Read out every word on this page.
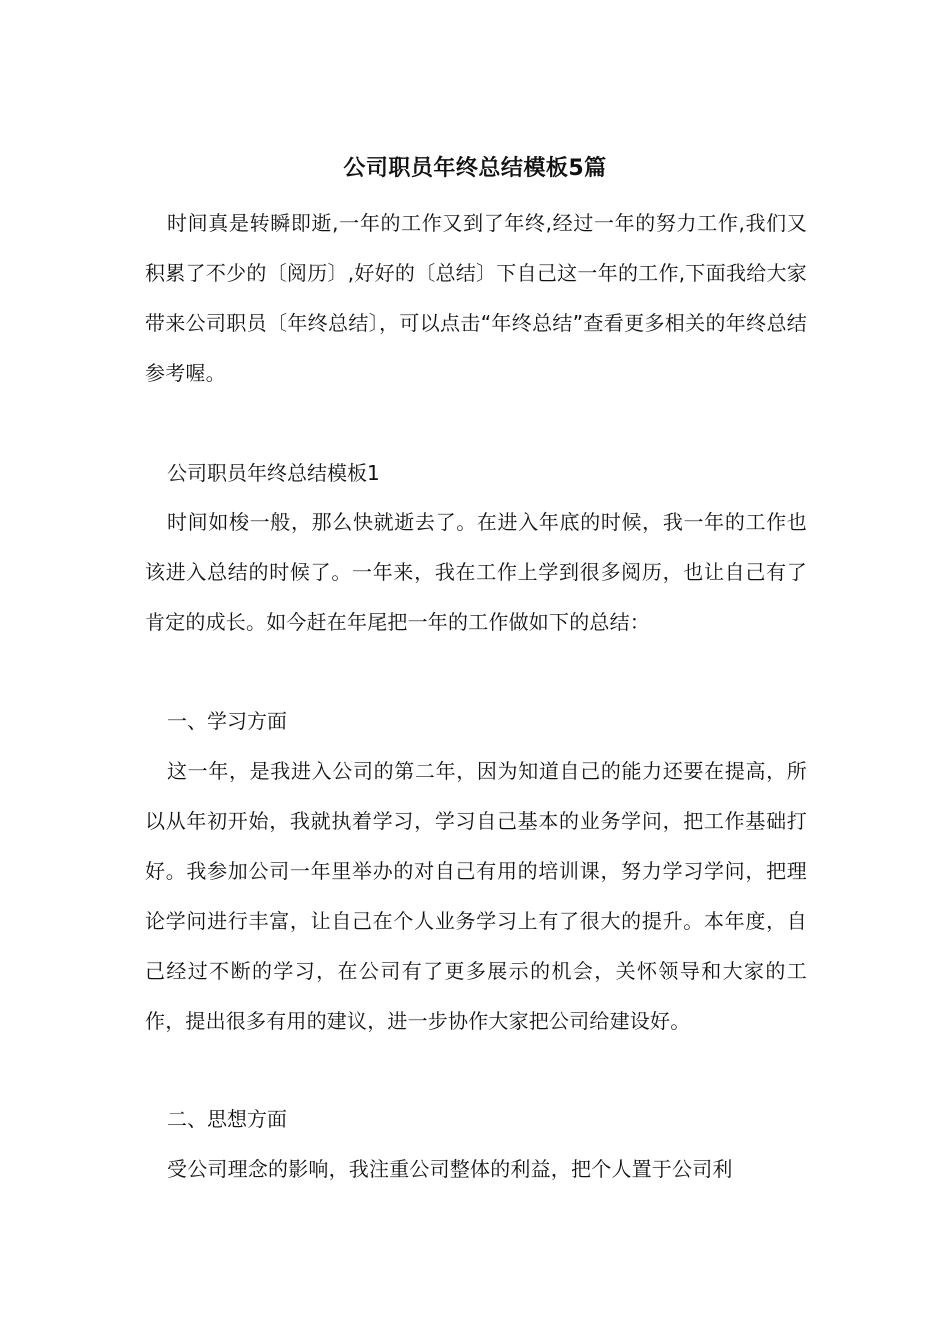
公司职员年终总结模板5篇

时间真是转瞬即逝,一年的工作又到了年终,经过一年的努力工作,我们又积累了不少的〔阅历〕,好好的〔总结〕下自己这一年的工作,下面我给大家带来公司职员〔年终总结〕，可以点击“年终总结”查看更多相关的年终总结参考喔。

公司职员年终总结模板1

时间如梭一般，那么快就逝去了。在进入年底的时候，我一年的工作也该进入总结的时候了。一年来，我在工作上学到很多阅历，也让自己有了肯定的成长。如今赶在年尾把一年的工作做如下的总结：

一、学习方面

这一年，是我进入公司的第二年，因为知道自己的能力还要在提高，所以从年初开始，我就执着学习，学习自己基本的业务学问，把工作基础打好。我参加公司一年里举办的对自己有用的培训课，努力学习学问，把理论学问进行丰富，让自己在个人业务学习上有了很大的提升。本年度，自己经过不断的学习，在公司有了更多展示的机会，关怀领导和大家的工作，提出很多有用的建议，进一步协作大家把公司给建设好。

二、思想方面

受公司理念的影响，我注重公司整体的利益，把个人置于公司利
